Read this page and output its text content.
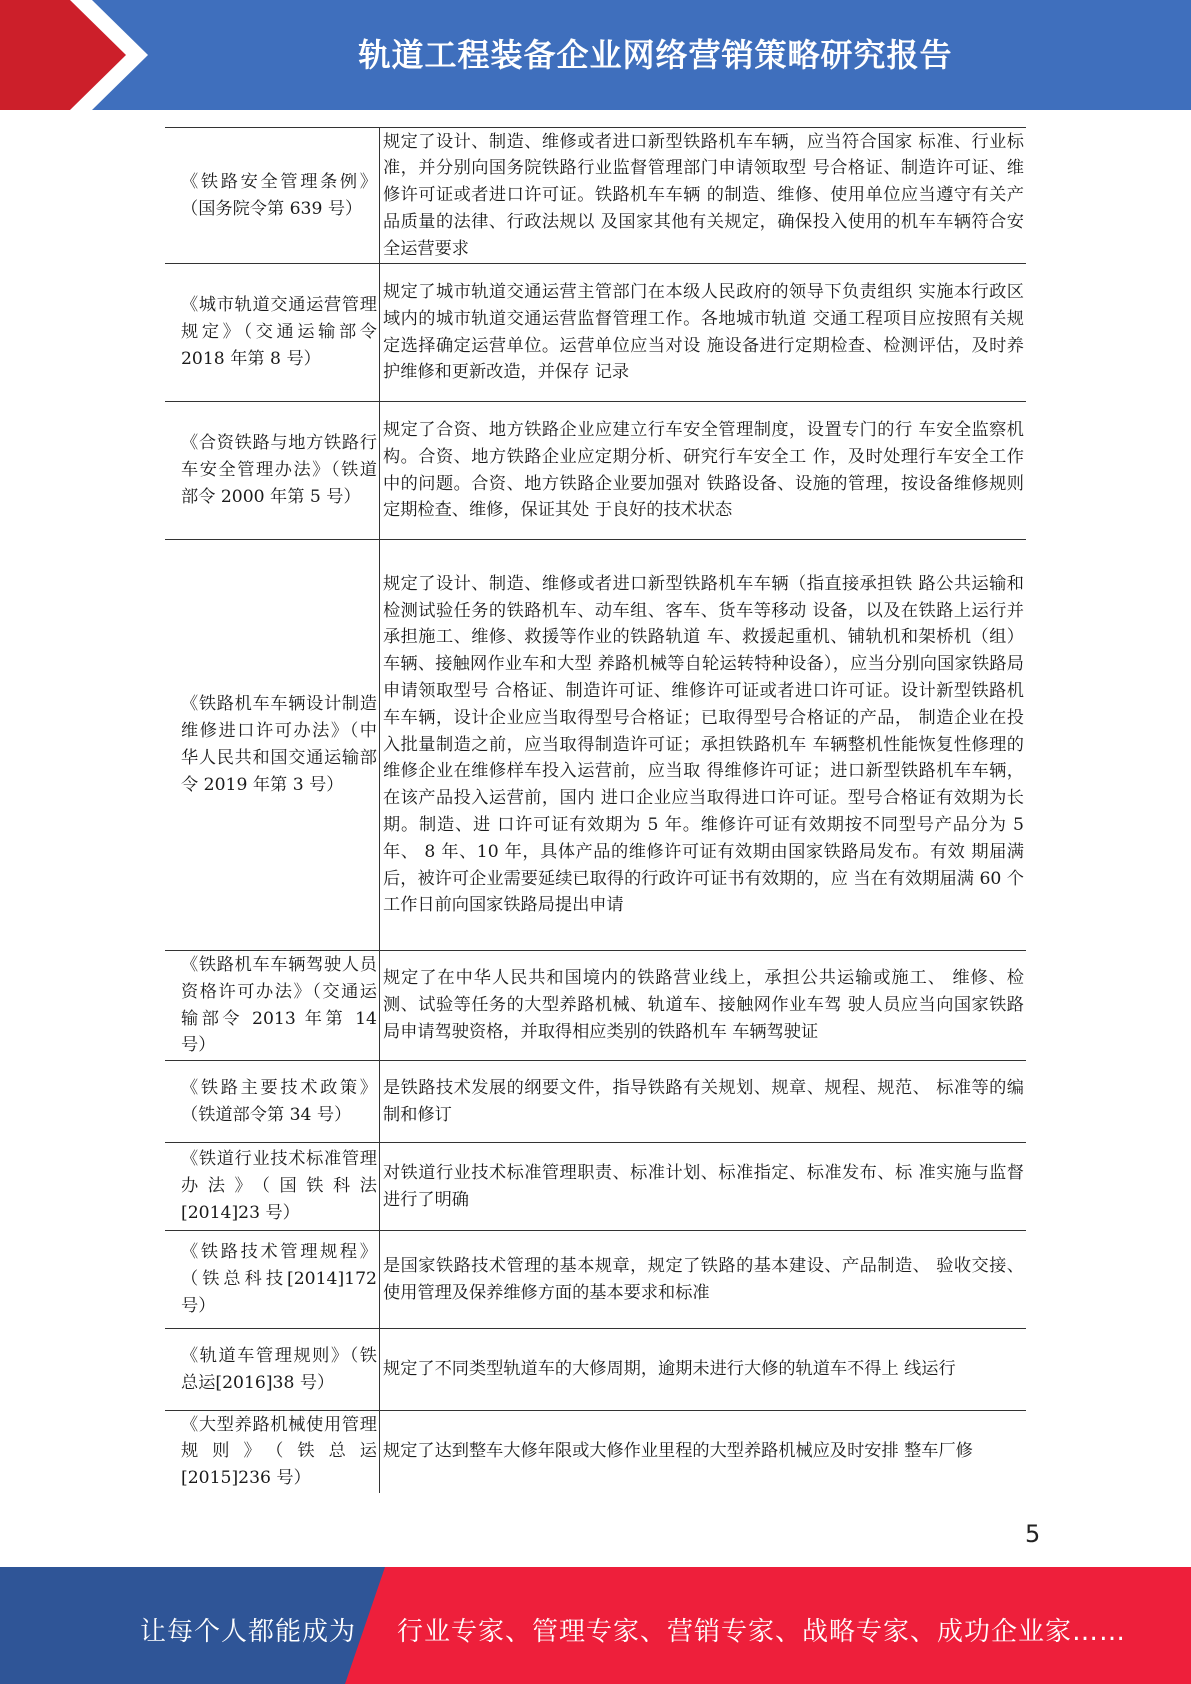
轨道工程装备企业网络营销策略研究报告
《铁路安全管理条例》（国务院令第 639 号）	规定了设计、制造、维修或者进口新型铁路机车车辆，应当符合国家 标准、行业标准，并分别向国务院铁路行业监督管理部门申请领取型 号合格证、制造许可证、维修许可证或者进口许可证。铁路机车车辆 的制造、维修、使用单位应当遵守有关产品质量的法律、行政法规以 及国家其他有关规定，确保投入使用的机车车辆符合安全运营要求
《城市轨道交通运营管理规定》（交通运输部令 2018 年第 8 号）	规定了城市轨道交通运营主管部门在本级人民政府的领导下负责组织 实施本行政区域内的城市轨道交通运营监督管理工作。各地城市轨道 交通工程项目应按照有关规定选择确定运营单位。运营单位应当对设 施设备进行定期检查、检测评估，及时养护维修和更新改造，并保存 记录
《合资铁路与地方铁路行车安全管理办法》（铁道部令 2000 年第 5 号）	规定了合资、地方铁路企业应建立行车安全管理制度，设置专门的行 车安全监察机构。合资、地方铁路企业应定期分析、研究行车安全工 作，及时处理行车安全工作中的问题。合资、地方铁路企业要加强对 铁路设备、设施的管理，按设备维修规则定期检查、维修，保证其处 于良好的技术状态
《铁路机车车辆设计制造维修进口许可办法》（中华人民共和国交通运输部令 2019 年第 3 号）	规定了设计、制造、维修或者进口新型铁路机车车辆（指直接承担铁 路公共运输和检测试验任务的铁路机车、动车组、客车、货车等移动 设备，以及在铁路上运行并承担施工、维修、救援等作业的铁路轨道 车、救援起重机、铺轨机和架桥机（组）车辆、接触网作业车和大型 养路机械等自轮运转特种设备），应当分别向国家铁路局申请领取型号 合格证、制造许可证、维修许可证或者进口许可证。设计新型铁路机 车车辆，设计企业应当取得型号合格证；已取得型号合格证的产品， 制造企业在投入批量制造之前，应当取得制造许可证；承担铁路机车 车辆整机性能恢复性修理的维修企业在维修样车投入运营前，应当取 得维修许可证；进口新型铁路机车车辆，在该产品投入运营前，国内 进口企业应当取得进口许可证。型号合格证有效期为长期。制造、进 口许可证有效期为 5 年。维修许可证有效期按不同型号产品分为 5 年、 8 年、10 年，具体产品的维修许可证有效期由国家铁路局发布。有效 期届满后，被许可企业需要延续已取得的行政许可证书有效期的，应 当在有效期届满 60 个工作日前向国家铁路局提出申请
《铁路机车车辆驾驶人员资格许可办法》（交通运输部令 2013 年第 14 号）	规定了在中华人民共和国境内的铁路营业线上，承担公共运输或施工、 维修、检测、试验等任务的大型养路机械、轨道车、接触网作业车驾 驶人员应当向国家铁路局申请驾驶资格，并取得相应类别的铁路机车 车辆驾驶证
《铁路主要技术政策》（铁道部令第 34 号）	是铁路技术发展的纲要文件，指导铁路有关规划、规章、规程、规范、 标准等的编制和修订
《铁道行业技术标准管理办法》（国铁科法[2014]23 号）	对铁道行业技术标准管理职责、标准计划、标准指定、标准发布、标 准实施与监督进行了明确
《铁路技术管理规程》（铁总科技[2014]172 号）	是国家铁路技术管理的基本规章，规定了铁路的基本建设、产品制造、 验收交接、使用管理及保养维修方面的基本要求和标准
《轨道车管理规则》（铁总运[2016]38 号）	规定了不同类型轨道车的大修周期，逾期未进行大修的轨道车不得上 线运行
《大型养路机械使用管理规则》（铁总运[2015]236 号）	规定了达到整车大修年限或大修作业里程的大型养路机械应及时安排 整车厂修
5
让每个人都能成为 行业专家、管理专家、营销专家、战略专家、成功企业家……
